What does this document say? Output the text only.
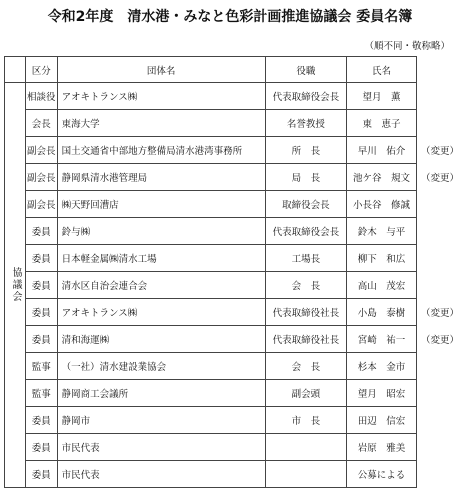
令和2年度　清水港・みなと色彩計画推進協議会 委員名簿
（順不同・敬称略）
	区分	団体名	役職	氏名	
協議会	相談役	アオキトランス㈱	代表取締役会長	望月　薫	
	会長	東海大学	名誉教授	東　恵子	
	副会長	国土交通省中部地方整備局清水港湾事務所	所　長	早川　佑介	（変更）
	副会長	静岡県清水港管理局	局　長	池ケ谷　規文	（変更）
	副会長	㈱天野回漕店	取締役会長	小長谷　修誠	
	委員	鈴与㈱	代表取締役会長	鈴木　与平	
	委員	日本軽金属㈱清水工場	工場長	柳下　和広	
	委員	清水区自治会連合会	会　長	高山　茂宏	
	委員	アオキトランス㈱	代表取締役社長	小島　泰樹	（変更）
	委員	清和海運㈱	代表取締役社長	宮崎　祐一	（変更）
	監事	（一社）清水建設業協会	会　長	杉本　金市	
	監事	静岡商工会議所	副会頭	望月　昭宏	
	委員	静岡市	市　長	田辺　信宏	
	委員	市民代表		岩原　雅美	
	委員	市民代表		公募による	
